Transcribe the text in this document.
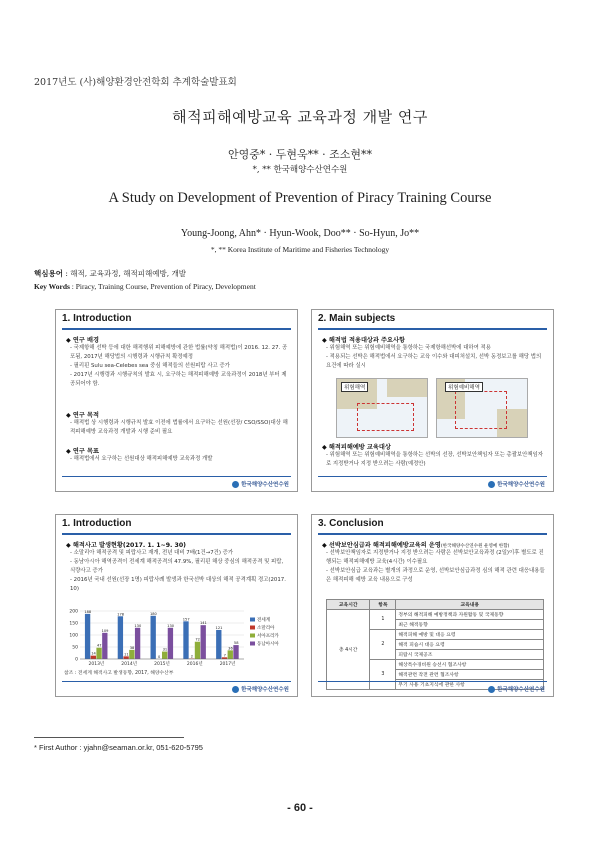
2017년도 (사)해양환경안전학회 추계학술발표회
해적피해예방교육 교육과정 개발 연구
안영중* · 두현욱** · 조소현**
*, ** 한국해양수산연수원
A Study on Development of Prevention of Piracy Training Course
Young-Joong, Ahn* · Hyun-Wook, Doo** · So-Hyun, Jo**
*, ** Korea Institute of Maritime and Fisheries Technology
핵심용어 : 해적, 교육과정, 해적피해예방, 개발
Key Words : Piracy, Training Course, Prevention of Piracy, Development
1. Introduction
◆ 연구 배경
- 국제항해 선박 등에 대한 해적행위 피해예방에 관한 법률(약칭 해적법)이 2016. 12. 27. 공포됨, 2017년 해당법의 시행령과 시행규칙 확정예정
- 필리핀 Sulu sea-Celebes sea 중심 해적들의 선원피랍 사고 증가
- 2017년 시행령과 시행규칙의 발효 시, 요구하는 해적피해예방 교육과정이 2018년 부터 제공되어야 함.
◆ 연구 목적
- 해적법 상 시행령과 시행규칙 발효 이전에 법률에서 요구하는 선원(선장/ CSO/SSO)대상 해적피해예방 교육과정 개발과 시행 준비 필요
◆ 연구 목표
- 해적법에서 요구하는 선원대상 해적피해예방 교육과정 개발
한국해양수산연수원
2. Main subjects
◆ 해적법 적용대상과 주요사항
- 위험해역 또는 위험예비해역을 통항하는 국제항해선박에 대하여 적용
- 적용되는 선박은 해적법에서 요구하는 교육 이수와 대피처설치, 선박 동정보고를 해당 법의 요건에 따라 실시
위험해역	위험예비해역
◆ 해적피해예방 교육대상
- 위험해역 또는 위험예비해역을 통항하는 선박의 선장, 선박보안책임자 또는 총괄보안책임자로 지정받거나 지정 받으려는 사람(예정안)
한국해양수산연수원
1. Introduction
◆ 해적사고 발생현황(2017. 1. 1~9. 30)
- 소말리아 해적공격 및 피랍사고 재개, 전년 대비 7배(1건→7건) 증가
- 동남아시아 해역공격이 전세계 해적공격의 47.9%, 필리핀 해상 중심의 해적공격 및 피랍, 식량사고 증가
- 2016년 국내 선원(선장 1명) 피랍사례 발생과 한국선박 대상의 해적 공격계획 경고(2017. 10)
0
50
100
150
200 188
14
47
109
2013년
178
11
38
130
2014년
180
0
31
130
2015년
157
2
72
141
2016년
121
7
36
58
2017년
전세계
소말리아
서아프리카
동남아시아
참조 : 전세계 해적사고 발생동향, 2017, 해양수산부
한국해양수산연수원
3. Conclusion
◆ 선박보안심급과 해적피해예방교육의 운영(한국해양수산연수원 운영예 한함)
- 선박보안책임자로 지정받거나 지정 받으려는 사람은 선박보안교육과정 (2일)이후 별도로 진행되는 해적피해예방 교육(4시간) 이수필요
- 선박보안심급 교육과는 별개의 과정으로 운영, 선박보안심급과정 심의 해적 관련 대응내용들은 해적피해 예방 교육 내용으로 구성
교육시간	항목	교육내용
총 4시간	1	정부의 해적피해 예방정책과 자원활동 및 국제동향
		최근 해적동향
	2	해적피해 예방 및 대응 요령
		해적 피습시 대응 요령
		피랍시 국제공조
	3	해상특수경비원 승선시 협조사항
		해적관련 작전 관련 협조사항
		무기 사용 기초지식에 관한 사항
한국해양수산연수원
* First Author : yjahn@seaman.or.kr, 051-620-5795
- 60 -
